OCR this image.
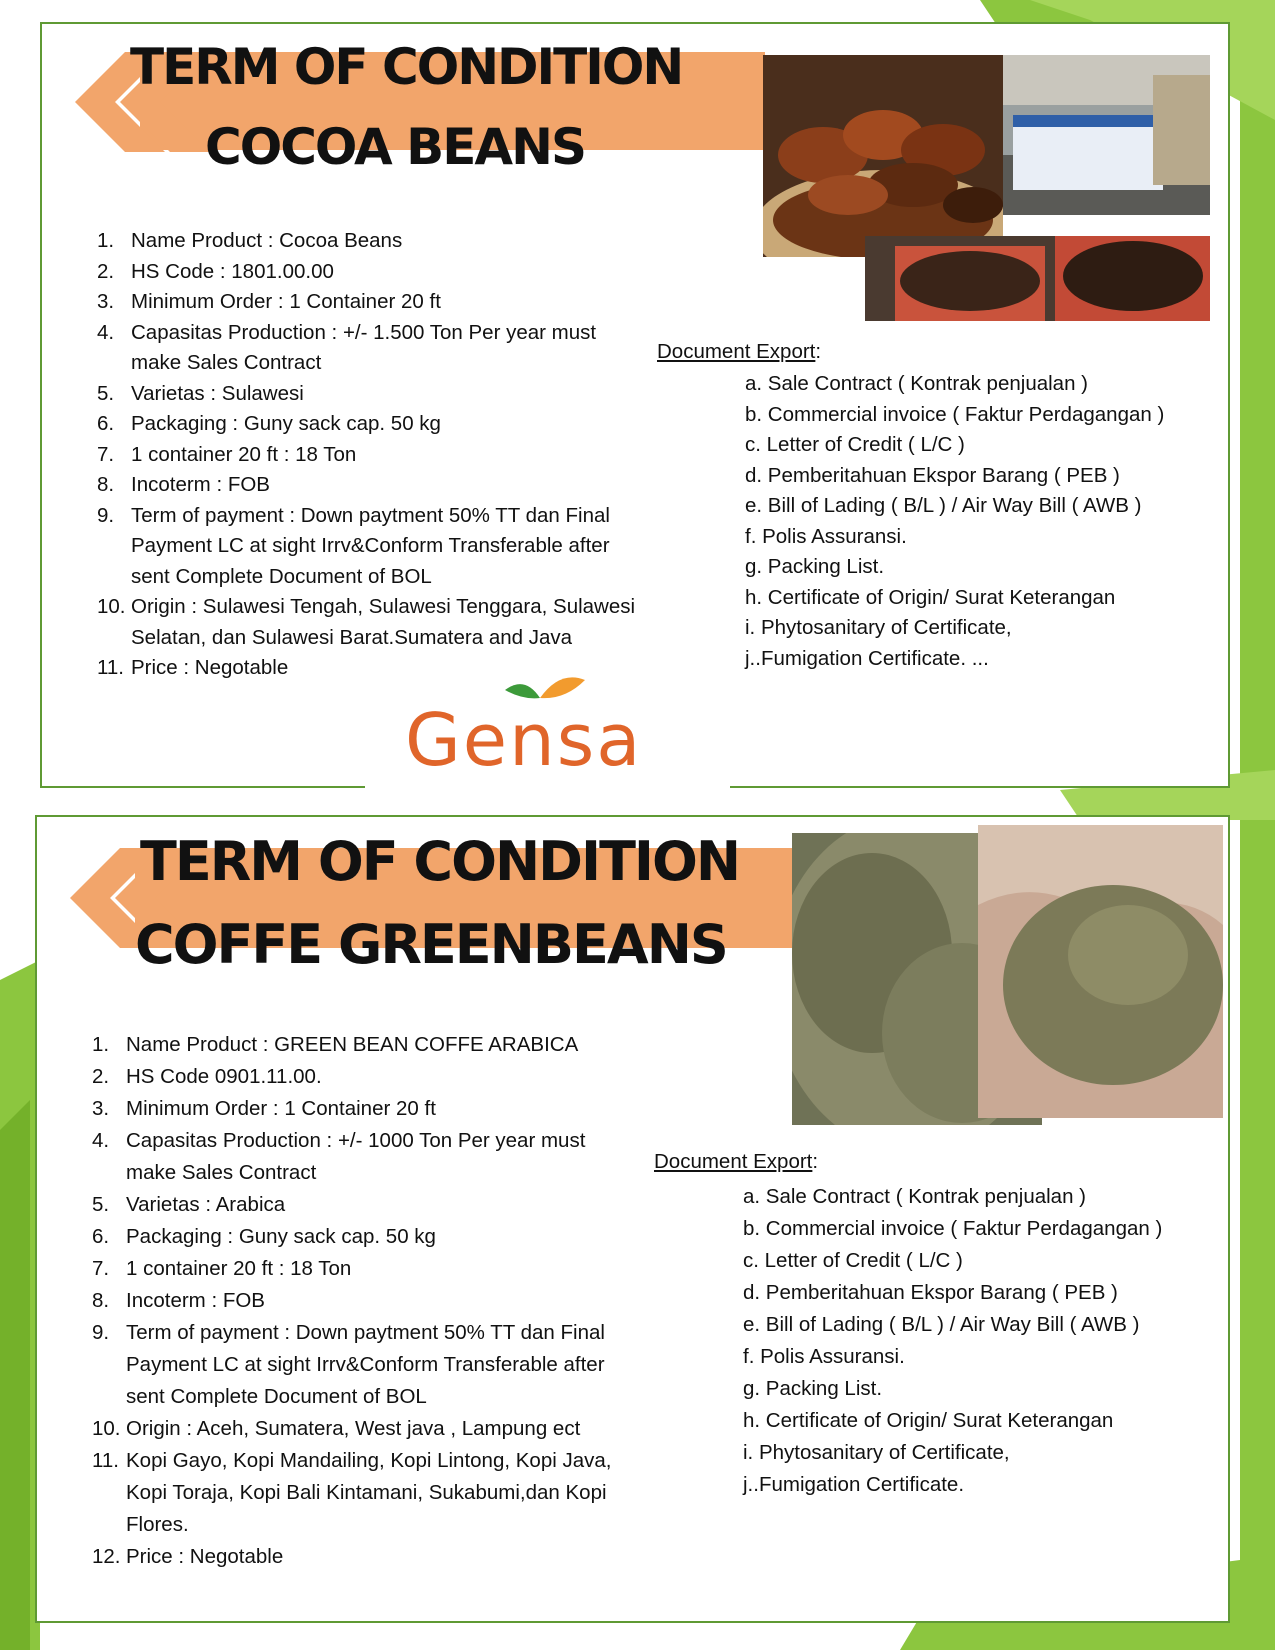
TERM OF CONDITION
COCOA BEANS
1. Name Product : Cocoa Beans
2. HS Code : 1801.00.00
3. Minimum Order : 1 Container 20 ft
4. Capasitas Production : +/- 1.500 Ton Per year must make Sales Contract
5. Varietas : Sulawesi
6. Packaging : Guny sack cap. 50 kg
7. 1 container 20 ft : 18 Ton
8. Incoterm : FOB
9. Term of payment : Down paytment 50% TT dan Final Payment LC at sight Irrv&Conform Transferable after sent Complete Document of BOL
10. Origin : Sulawesi Tengah, Sulawesi Tenggara, Sulawesi Selatan, dan Sulawesi Barat.Sumatera and Java
11. Price : Negotable
Document Export:
a. Sale Contract ( Kontrak penjualan )
b. Commercial invoice ( Faktur Perdagangan )
c. Letter of Credit ( L/C )
d. Pemberitahuan Ekspor Barang ( PEB )
e. Bill of Lading ( B/L ) / Air Way Bill ( AWB )
f. Polis Assuransi.
g. Packing List.
h. Certificate of Origin/ Surat Keterangan
i. Phytosanitary of Certificate,
j..Fumigation Certificate. ...
Gensa
TERM OF CONDITION
COFFE GREENBEANS
1. Name Product : GREEN BEAN COFFE ARABICA
2. HS Code 0901.11.00.
3. Minimum Order : 1 Container 20 ft
4. Capasitas Production : +/- 1000 Ton Per year must make Sales Contract
5. Varietas : Arabica
6. Packaging : Guny sack cap. 50 kg
7. 1 container 20 ft : 18 Ton
8. Incoterm : FOB
9. Term of payment : Down paytment 50% TT dan Final Payment LC at sight Irrv&Conform Transferable after sent Complete Document of BOL
10. Origin : Aceh, Sumatera, West java , Lampung ect
11. Kopi Gayo, Kopi Mandailing, Kopi Lintong, Kopi Java, Kopi Toraja, Kopi Bali Kintamani, Sukabumi,dan Kopi Flores.
12. Price : Negotable
Document Export:
a. Sale Contract ( Kontrak penjualan )
b. Commercial invoice ( Faktur Perdagangan )
c. Letter of Credit ( L/C )
d. Pemberitahuan Ekspor Barang ( PEB )
e. Bill of Lading ( B/L ) / Air Way Bill ( AWB )
f. Polis Assuransi.
g. Packing List.
h. Certificate of Origin/ Surat Keterangan
i. Phytosanitary of Certificate,
j..Fumigation Certificate.
